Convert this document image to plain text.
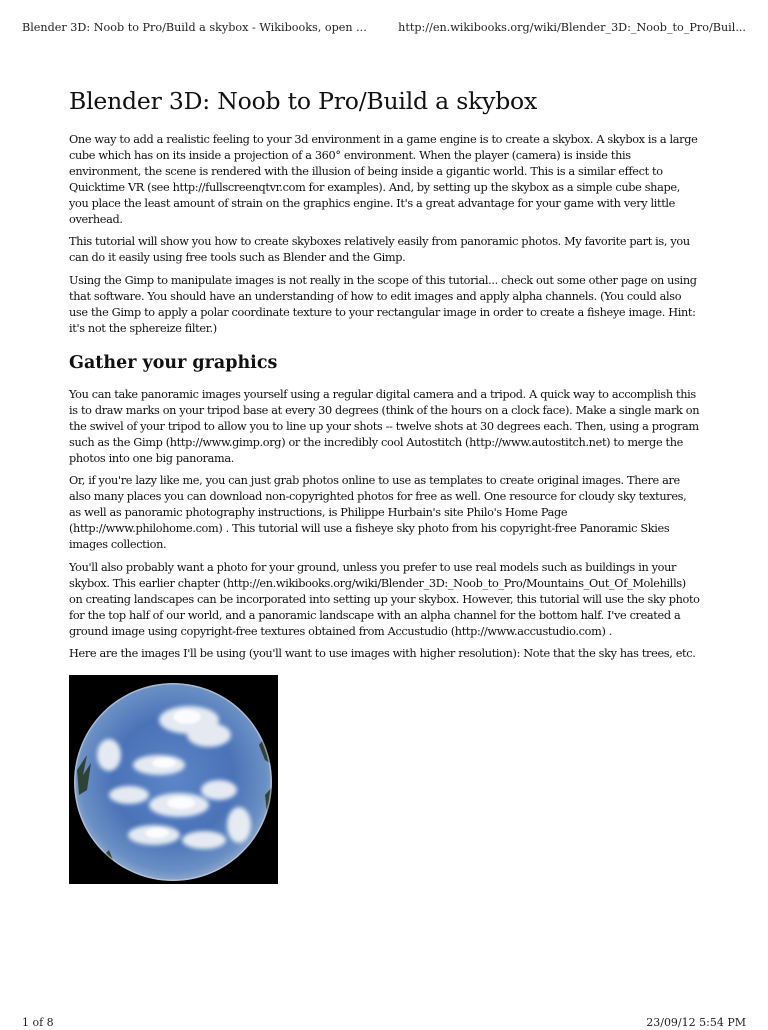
Blender 3D: Noob to Pro/Build a skybox - Wikibooks, open ...	http://en.wikibooks.org/wiki/Blender_3D:_Noob_to_Pro/Buil...
Blender 3D: Noob to Pro/Build a skybox

One way to add a realistic feeling to your 3d environment in a game engine is to create a skybox. A skybox is a large cube which has on its inside a projection of a 360° environment. When the player (camera) is inside this environment, the scene is rendered with the illusion of being inside a gigantic world. This is a similar effect to Quicktime VR (see http://fullscreenqtvr.com for examples). And, by setting up the skybox as a simple cube shape, you place the least amount of strain on the graphics engine. It's a great advantage for your game with very little overhead.

This tutorial will show you how to create skyboxes relatively easily from panoramic photos. My favorite part is, you can do it easily using free tools such as Blender and the Gimp.

Using the Gimp to manipulate images is not really in the scope of this tutorial... check out some other page on using that software. You should have an understanding of how to edit images and apply alpha channels. (You could also use the Gimp to apply a polar coordinate texture to your rectangular image in order to create a fisheye image. Hint: it's not the sphereize filter.)

Gather your graphics

You can take panoramic images yourself using a regular digital camera and a tripod. A quick way to accomplish this is to draw marks on your tripod base at every 30 degrees (think of the hours on a clock face). Make a single mark on the swivel of your tripod to allow you to line up your shots -- twelve shots at 30 degrees each. Then, using a program such as the Gimp (http://www.gimp.org) or the incredibly cool Autostitch (http://www.autostitch.net) to merge the photos into one big panorama.

Or, if you're lazy like me, you can just grab photos online to use as templates to create original images. There are also many places you can download non-copyrighted photos for free as well. One resource for cloudy sky textures, as well as panoramic photography instructions, is Philippe Hurbain's site Philo's Home Page (http://www.philohome.com) . This tutorial will use a fisheye sky photo from his copyright-free Panoramic Skies images collection.

You'll also probably want a photo for your ground, unless you prefer to use real models such as buildings in your skybox. This earlier chapter (http://en.wikibooks.org/wiki/Blender_3D:_Noob_to_Pro/Mountains_Out_Of_Molehills) on creating landscapes can be incorporated into setting up your skybox. However, this tutorial will use the sky photo for the top half of our world, and a panoramic landscape with an alpha channel for the bottom half. I've created a ground image using copyright-free textures obtained from Accustudio (http://www.accustudio.com) .

Here are the images I'll be using (you'll want to use images with higher resolution): Note that the sky has trees, etc.

1 of 8	23/09/12 5:54 PM
